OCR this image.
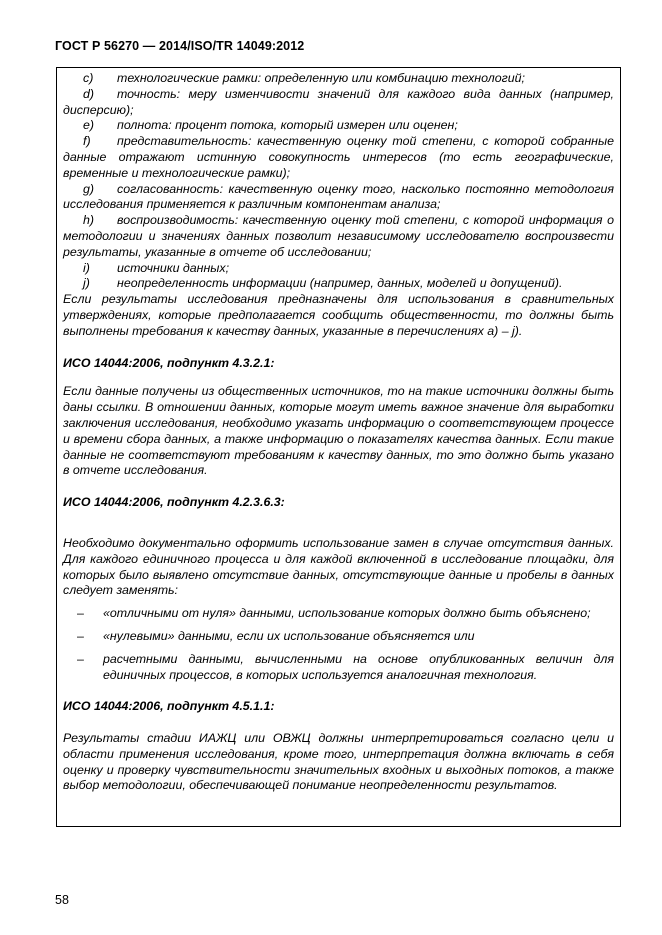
ГОСТ Р 56270 — 2014/ISO/TR 14049:2012
c)	технологические рамки: определенную или комбинацию технологий;

d) точность: меру изменчивости значений для каждого вида данных (например, дисперсию);

e)	полнота: процент потока, который измерен или оценен;

f) представительность: качественную оценку той степени, с которой собранные данные отражают истинную совокупность интересов (то есть географические, временные и технологические рамки);

g) согласованность: качественную оценку того, насколько постоянно методология исследования применяется к различным компонентам анализа;

h) воспроизводимость: качественную оценку той степени, с которой информация о методологии и значениях данных позволит независимому исследователю воспроизвести результаты, указанные в отчете об исследовании;

i)	источники данных;
j)	неопределенность информации (например, данных, моделей и допущений).

Если результаты исследования предназначены для использования в сравнительных утверждениях, которые предполагается сообщить общественности, то должны быть выполнены требования к качеству данных, указанные в перечислениях а) – j).

ИСО 14044:2006, подпункт 4.3.2.1:

Если данные получены из общественных источников, то на такие источники должны быть даны ссылки. В отношении данных, которые могут иметь важное значение для выработки заключения исследования, необходимо указать информацию о соответствующем процессе и времени сбора данных, а также информацию о показателях качества данных. Если такие данные не соответствуют требованиям к качеству данных, то это должно быть указано в отчете исследования.

ИСО 14044:2006, подпункт 4.2.3.6.3:

Необходимо документально оформить использование замен в случае отсутствия данных. Для каждого единичного процесса и для каждой включенной в исследование площадки, для которых было выявлено отсутствие данных, отсутствующие данные и пробелы в данных следует заменять:

–	«отличными от нуля» данными, использование которых должно быть объяснено;
–	«нулевыми» данными, если их использование объясняется или
–	расчетными данными, вычисленными на основе опубликованных величин для единичных процессов, в которых используется аналогичная технология.

ИСО 14044:2006, подпункт 4.5.1.1:

Результаты стадии ИАЖЦ или ОВЖЦ должны интерпретироваться согласно цели и области применения исследования, кроме того, интерпретация должна включать в себя оценку и проверку чувствительности значительных входных и выходных потоков, а также выбор методологии, обеспечивающей понимание неопределенности результатов.

58
